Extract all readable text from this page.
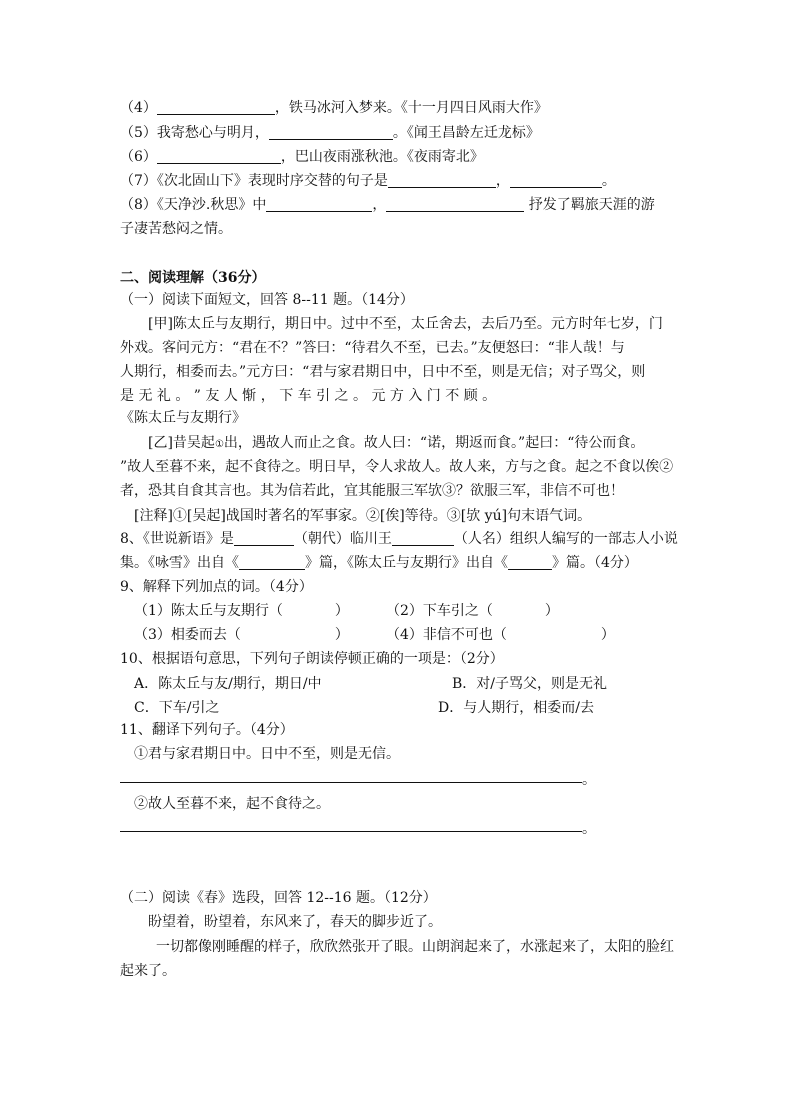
（4）	，铁马冰河入梦来。《十一月四日风雨大作》
（5）我寄愁心与明月，	。《闻王昌龄左迁龙标》
（6）	，巴山夜雨涨秋池。《夜雨寄北》
（7）《次北固山下》表现时序交替的句子是	，	。
（8）《天净沙.秋思》中	，	抒发了羁旅天涯的游
子凄苦愁闷之情。
二、阅读理解（36分）
（一）阅读下面短文，回答 8--11 题。（14分）
[甲]陈太丘与友期行，期日中。过中不至，太丘舍去，去后乃至。元方时年七岁，门
外戏。客问元方：“君在不？”答曰：“待君久不至，已去。”友便怒曰：“非人哉！与
人期行，相委而去。”元方曰：“君与家君期日中，日中不至，则是无信；对子骂父，则
是 无 礼 。 ” 友 人 惭 ， 下 车 引 之 。 元 方 入 门 不 顾 。
《陈太丘与友期行》
[乙]昔吴起①出，遇故人而止之食。故人曰：“诺，期返而食。”起曰：“待公而食。
”故人至暮不来，起不食待之。明日早，令人求故人。故人来，方与之食。起之不食以俟②
者，恐其自食其言也。其为信若此，宜其能服三军欤③？欲服三军，非信不可也！
[注释]①[吴起]战国时著名的军事家。②[俟]等待。③[欤 yú]句末语气词。
8、《世说新语》是	（朝代）临川王	（人名）组织人编写的一部志人小说
集。《咏雪》出自《	》篇，《陈太丘与友期行》出自《	》篇。（4分）
9、解释下列加点的词。（4分）
（1）陈太丘与友期行（	）	（2）下车引之（	）
（3）相委而去（	）	（4）非信不可也（	）
10、根据语句意思，下列句子朗读停顿正确的一项是：（2分）
A．陈太丘与友/期行，期日/中	B．对/子骂父，则是无礼
C．下车/引之	D．与人期行，相委而/去
11、翻译下列句子。（4分）
①君与家君期日中。日中不至，则是无信。
。
②故人至暮不来，起不食待之。
。
（二）阅读《春》选段，回答 12--16 题。（12分）
盼望着，盼望着，东风来了，春天的脚步近了。
一切都像刚睡醒的样子，欣欣然张开了眼。山朗润起来了，水涨起来了，太阳的脸红
起来了。
